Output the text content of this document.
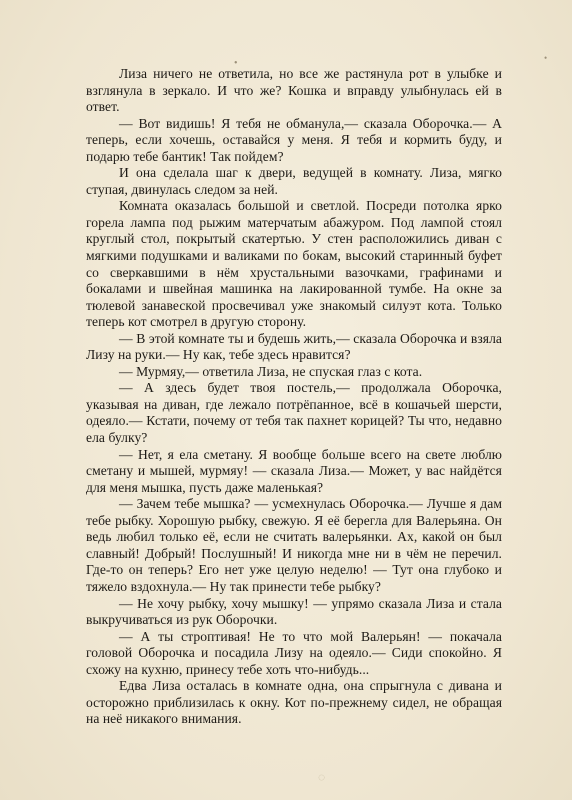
•	•
◌

Лиза ничего не ответила, но все же растянула рот в улыбке и взглянула в зеркало. И что же? Кошка и вправду улыбнулась ей в ответ.

— Вот видишь! Я тебя не обманула,— сказала Оборочка.— А теперь, если хочешь, оставайся у меня. Я тебя и кормить буду, и подарю тебе бантик! Так пойдем?

И она сделала шаг к двери, ведущей в комнату. Лиза, мягко ступая, двинулась следом за ней.

Комната оказалась большой и светлой. Посреди потолка ярко горела лампа под рыжим матерчатым абажуром. Под лампой стоял круглый стол, покрытый скатертью. У стен расположились диван с мягкими подушками и валиками по бокам, высокий старинный буфет со сверкавшими в нём хрустальными вазочками, графинами и бокалами и швейная машинка на лакированной тумбе. На окне за тюлевой занавеской просвечивал уже знакомый силуэт кота. Только теперь кот смотрел в другую сторону.

— В этой комнате ты и будешь жить,— сказала Оборочка и взяла Лизу на руки.— Ну как, тебе здесь нравится?

— Мурмяу,— ответила Лиза, не спуская глаз с кота.

— А здесь будет твоя постель,— продолжала Оборочка, указывая на диван, где лежало потрёпанное, всё в кошачьей шерсти, одеяло.— Кстати, почему от тебя так пахнет корицей? Ты что, недавно ела булку?

— Нет, я ела сметану. Я вообще больше всего на свете люблю сметану и мышей, мурмяу! — сказала Лиза.— Может, у вас найдётся для меня мышка, пусть даже маленькая?

— Зачем тебе мышка? — усмехнулась Оборочка.— Лучше я дам тебе рыбку. Хорошую рыбку, свежую. Я её берегла для Валерьяна. Он ведь любил только её, если не считать валерьянки. Ах, какой он был славный! Добрый! Послушный! И никогда мне ни в чём не перечил. Где-то он теперь? Его нет уже целую неделю! — Тут она глубоко и тяжело вздохнула.— Ну так принести тебе рыбку?

— Не хочу рыбку, хочу мышку! — упрямо сказала Лиза и стала выкручиваться из рук Оборочки.

— А ты строптивая! Не то что мой Валерьян! — покачала головой Оборочка и посадила Лизу на одеяло.— Сиди спокойно. Я схожу на кухню, принесу тебе хоть что-нибудь...

Едва Лиза осталась в комнате одна, она спрыгнула с дивана и осторожно приблизилась к окну. Кот по-прежнему сидел, не обращая на неё никакого внимания.
